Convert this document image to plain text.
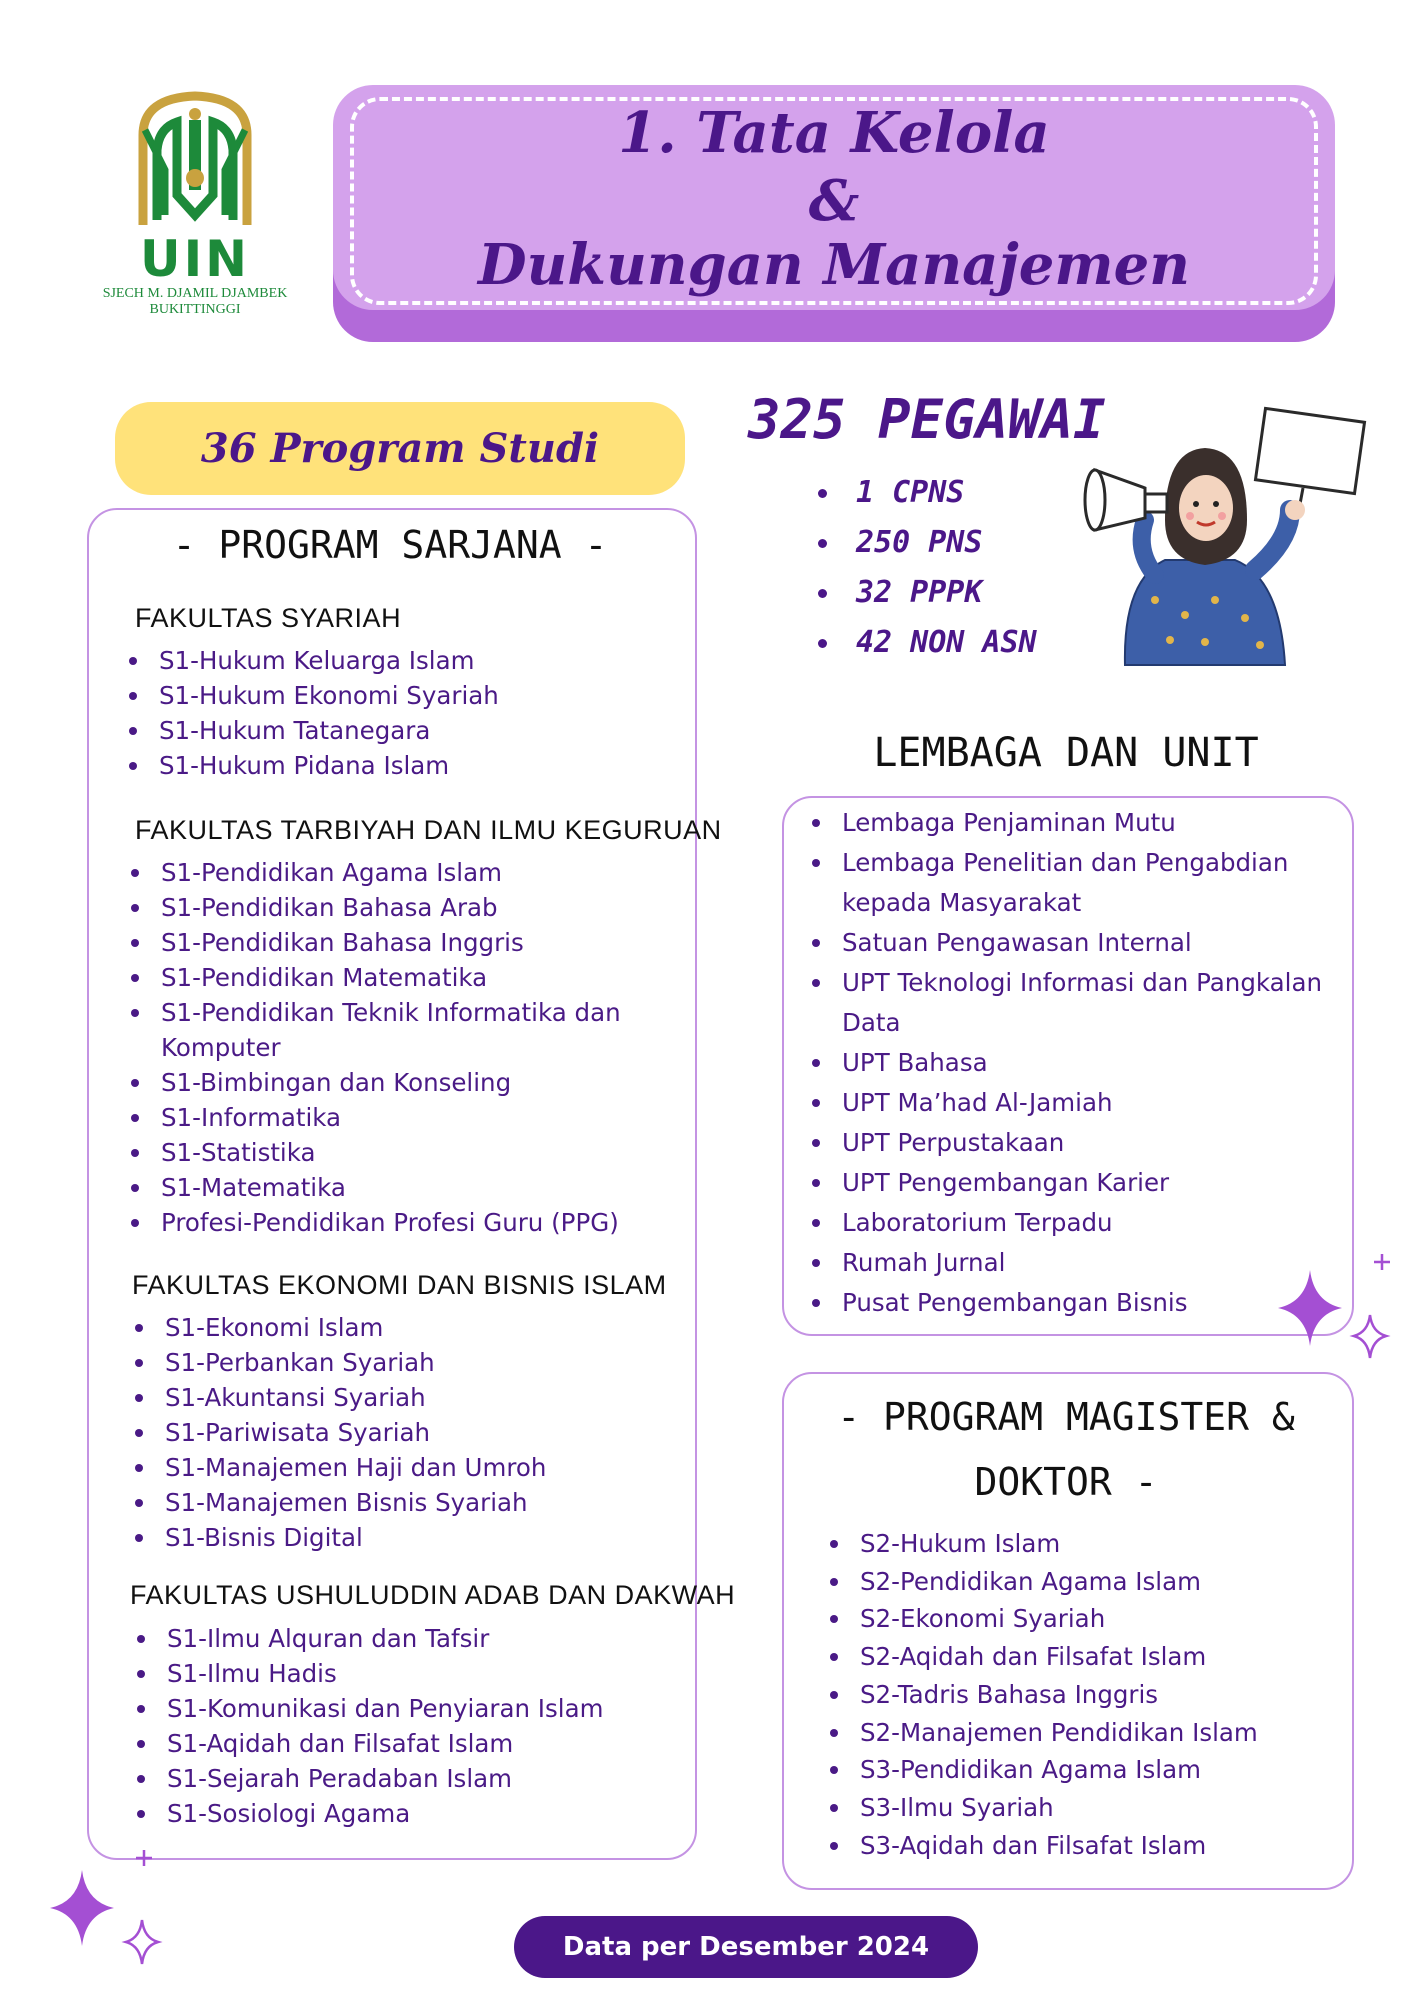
UIN
SJECH M. DJAMIL DJAMBEK
BUKITTINGGI
1. Tata Kelola
&
Dukungan Manajemen
36 Program Studi
- PROGRAM SARJANA -
FAKULTAS SYARIAH
S1-Hukum Keluarga Islam
S1-Hukum Ekonomi Syariah
S1-Hukum Tatanegara
S1-Hukum Pidana Islam
FAKULTAS TARBIYAH DAN ILMU KEGURUAN
S1-Pendidikan Agama Islam
S1-Pendidikan Bahasa Arab
S1-Pendidikan Bahasa Inggris
S1-Pendidikan Matematika
S1-Pendidikan Teknik Informatika dan Komputer
S1-Bimbingan dan Konseling
S1-Informatika
S1-Statistika
S1-Matematika
Profesi-Pendidikan Profesi Guru (PPG)
FAKULTAS EKONOMI DAN BISNIS ISLAM
S1-Ekonomi Islam
S1-Perbankan Syariah
S1-Akuntansi Syariah
S1-Pariwisata Syariah
S1-Manajemen Haji dan Umroh
S1-Manajemen Bisnis Syariah
S1-Bisnis Digital
FAKULTAS USHULUDDIN ADAB DAN DAKWAH
S1-Ilmu Alquran dan Tafsir
S1-Ilmu Hadis
S1-Komunikasi dan Penyiaran Islam
S1-Aqidah dan Filsafat Islam
S1-Sejarah Peradaban Islam
S1-Sosiologi Agama
325 PEGAWAI
1 CPNS
250 PNS
32 PPPK
42 NON ASN
LEMBAGA DAN UNIT
Lembaga Penjaminan Mutu
Lembaga Penelitian dan Pengabdian kepada Masyarakat
Satuan Pengawasan Internal
UPT Teknologi Informasi dan Pangkalan Data
UPT Bahasa
UPT Ma’had Al-Jamiah
UPT Perpustakaan
UPT Pengembangan Karier
Laboratorium Terpadu
Rumah Jurnal
Pusat Pengembangan Bisnis
- PROGRAM MAGISTER &
DOKTOR -
S2-Hukum Islam
S2-Pendidikan Agama Islam
S2-Ekonomi Syariah
S2-Aqidah dan Filsafat Islam
S2-Tadris Bahasa Inggris
S2-Manajemen Pendidikan Islam
S3-Pendidikan Agama Islam
S3-Ilmu Syariah
S3-Aqidah dan Filsafat Islam
Data per Desember 2024
